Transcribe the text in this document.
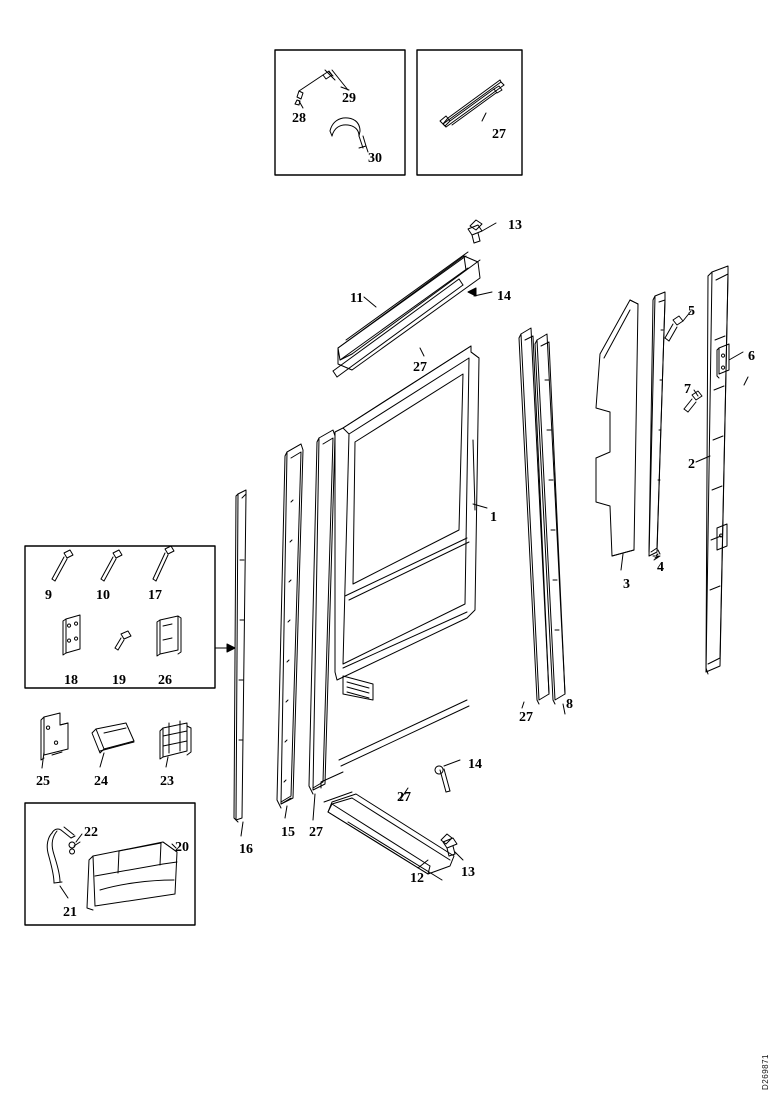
28
29
30
27
13
14
11
27
5
6
7
2
1
4
3
9	10	17
18 19 26
8
27
25	24	23
14
27
16
15 27
22
20
21
12	13
D269871
